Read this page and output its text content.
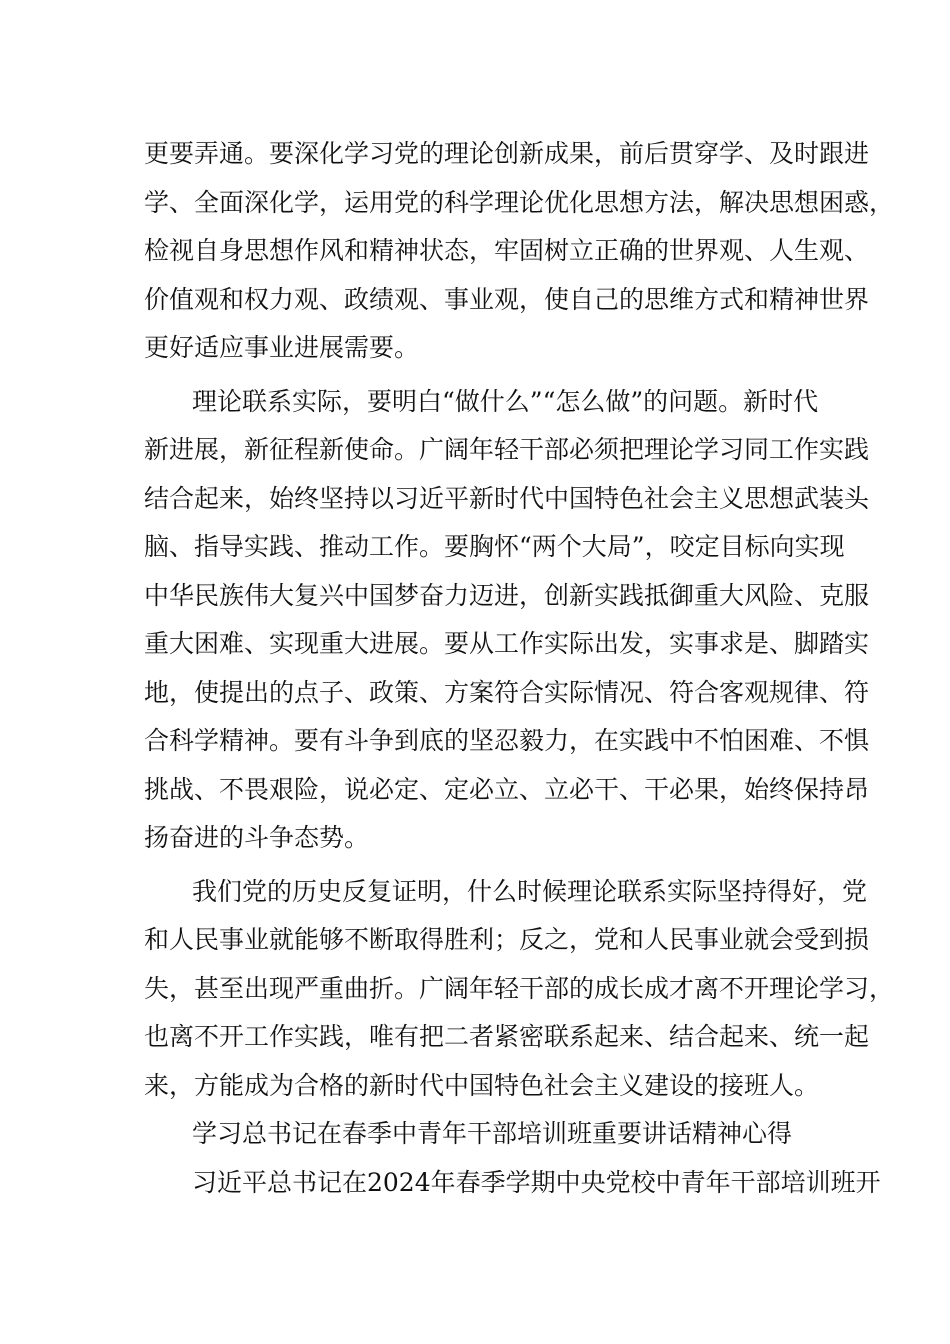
更要弄通。要深化学习党的理论创新成果，前后贯穿学、及时跟进
学、全面深化学，运用党的科学理论优化思想方法，解决思想困惑，
检视自身思想作风和精神状态，牢固树立正确的世界观、人生观、
价值观和权力观、政绩观、事业观，使自己的思维方式和精神世界
更好适应事业进展需要。
理论联系实际，要明白“做什么”“怎么做”的问题。新时代
新进展，新征程新使命。广阔年轻干部必须把理论学习同工作实践
结合起来，始终坚持以习近平新时代中国特色社会主义思想武装头
脑、指导实践、推动工作。要胸怀“两个大局”，咬定目标向实现
中华民族伟大复兴中国梦奋力迈进，创新实践抵御重大风险、克服
重大困难、实现重大进展。要从工作实际出发，实事求是、脚踏实
地，使提出的点子、政策、方案符合实际情况、符合客观规律、符
合科学精神。要有斗争到底的坚忍毅力，在实践中不怕困难、不惧
挑战、不畏艰险，说必定、定必立、立必干、干必果，始终保持昂
扬奋进的斗争态势。
我们党的历史反复证明，什么时候理论联系实际坚持得好，党
和人民事业就能够不断取得胜利；反之，党和人民事业就会受到损
失，甚至出现严重曲折。广阔年轻干部的成长成才离不开理论学习，
也离不开工作实践，唯有把二者紧密联系起来、结合起来、统一起
来，方能成为合格的新时代中国特色社会主义建设的接班人。
学习总书记在春季中青年干部培训班重要讲话精神心得
习近平总书记在2024年春季学期中央党校中青年干部培训班开
